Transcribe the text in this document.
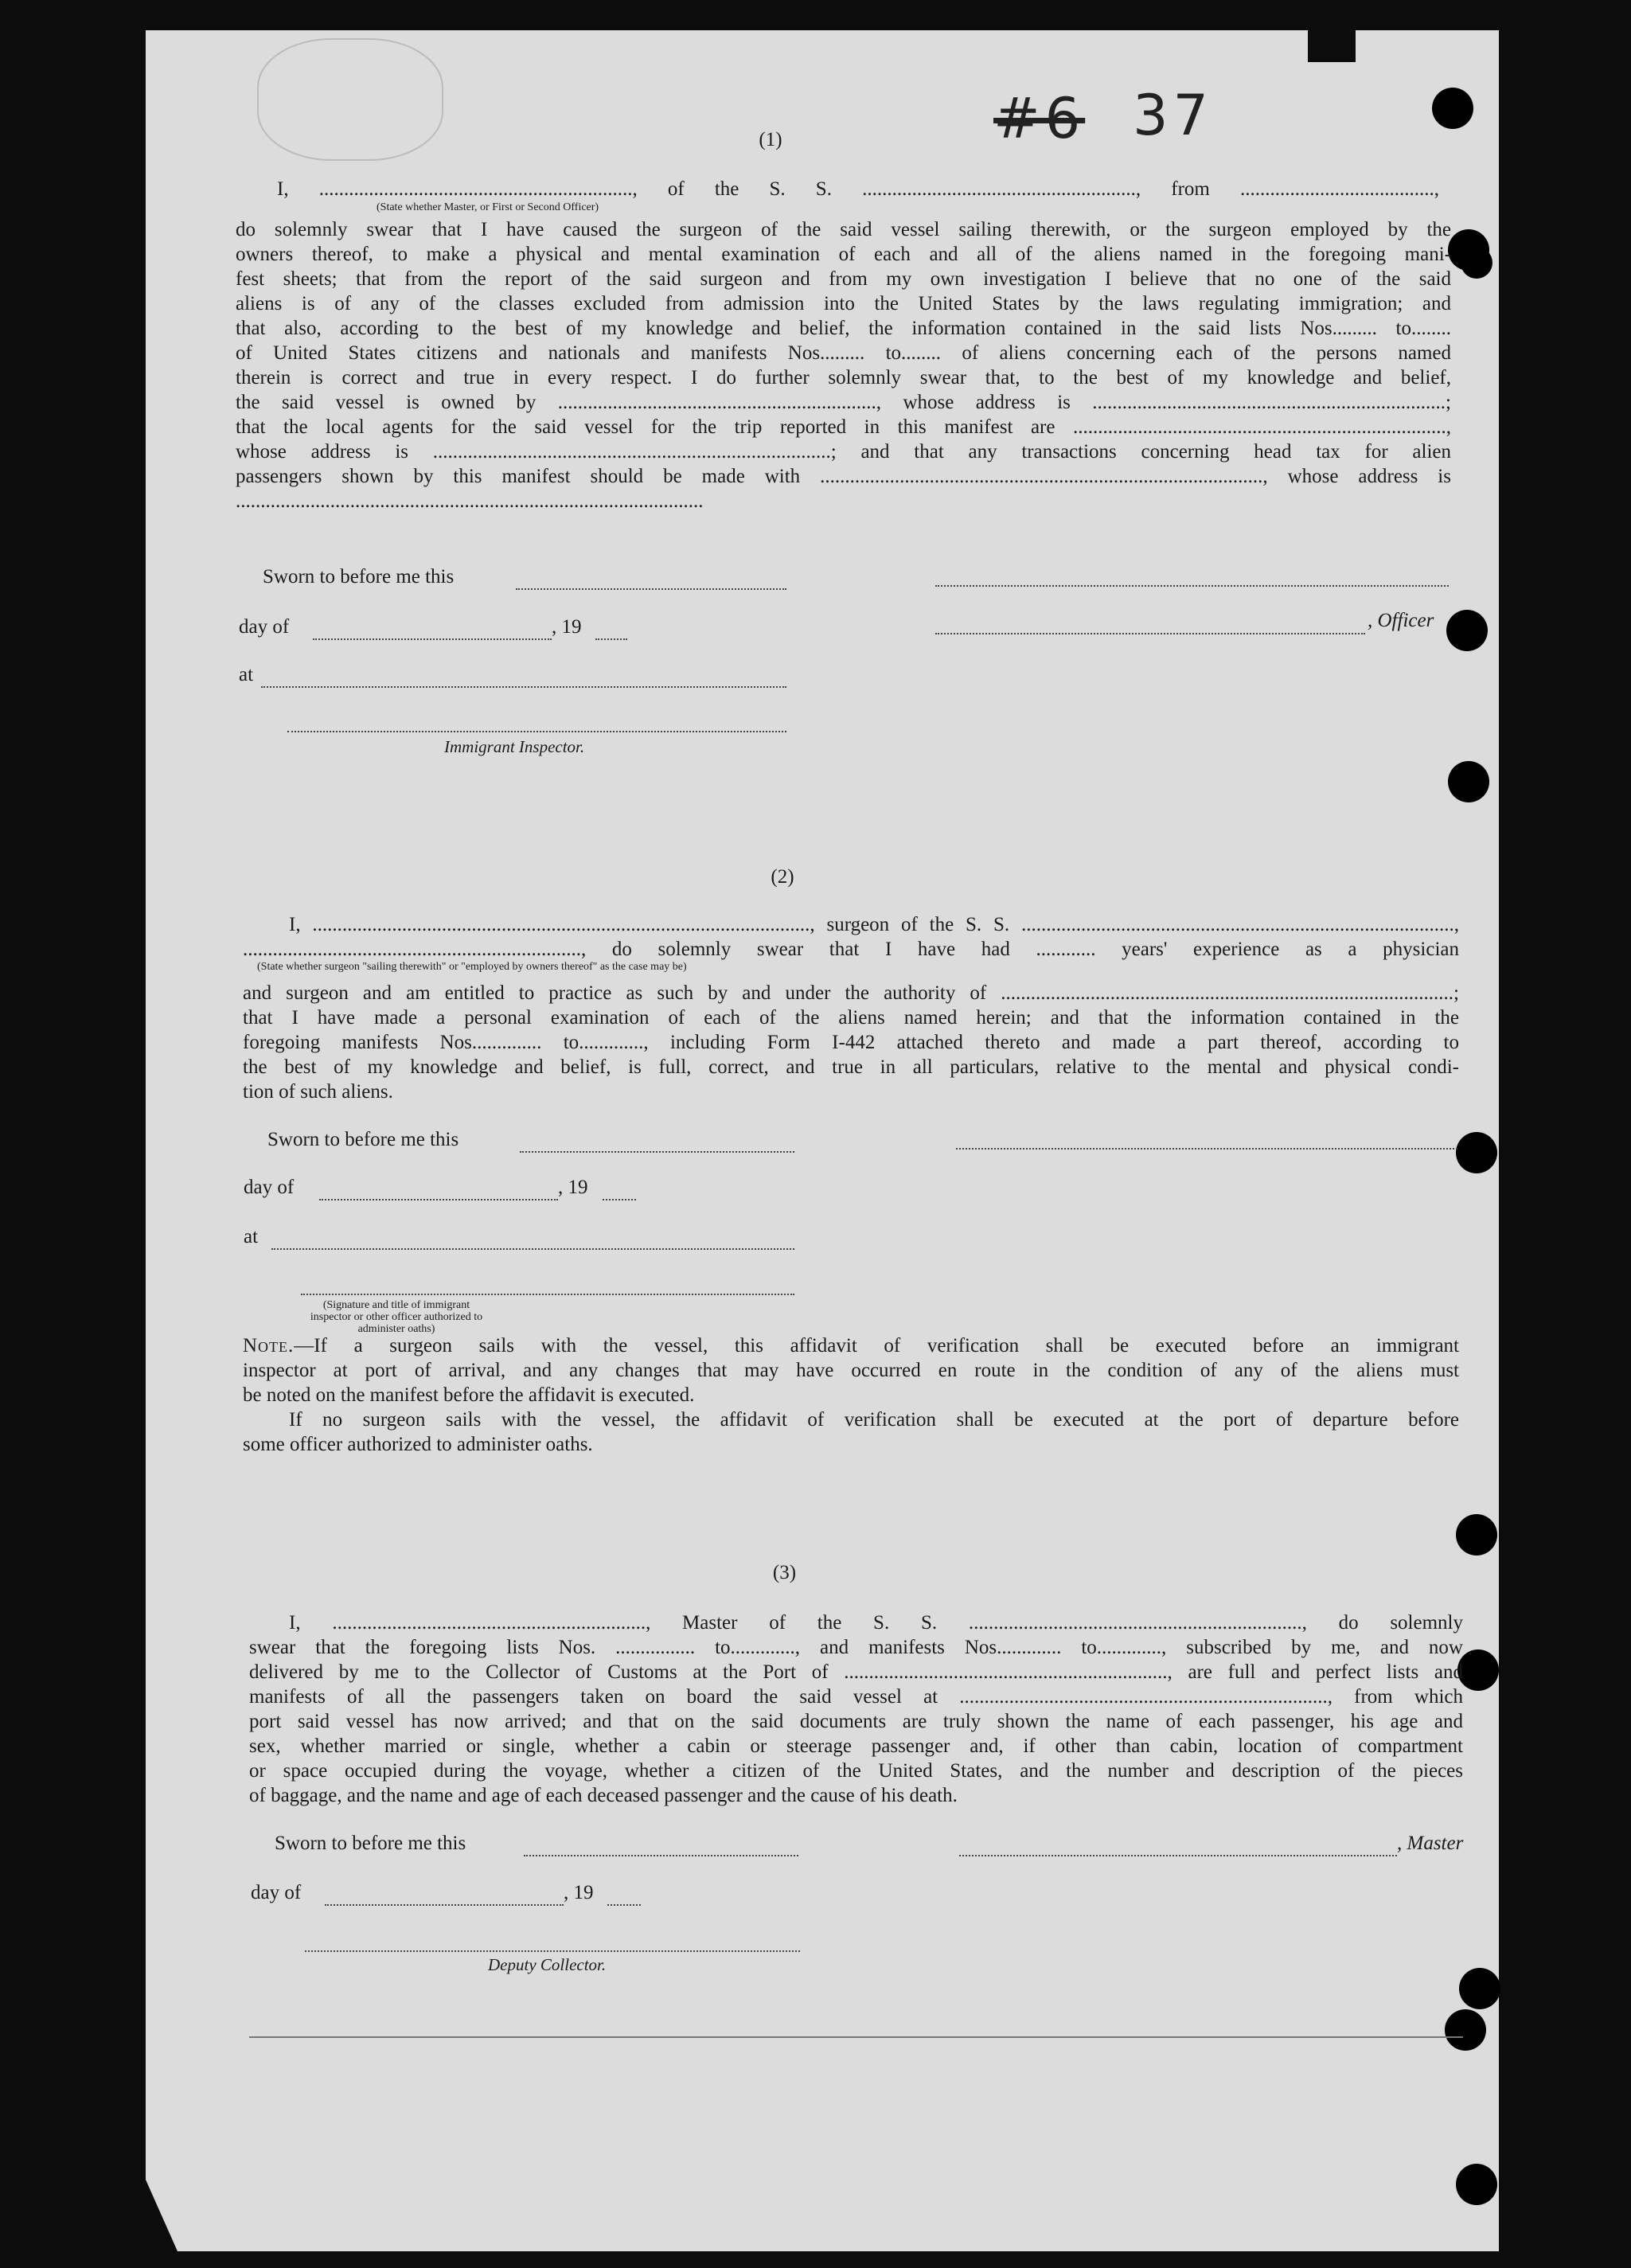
#6 37
(1)
I, ..............................................................., of the S. S. ......................................................., from .......................................,
(State whether Master, or First or Second Officer)
do solemnly swear that I have caused the surgeon of the said vessel sailing therewith, or the surgeon employed by the
owners thereof, to make a physical and mental examination of each and all of the aliens named in the foregoing mani-
fest sheets; that from the report of the said surgeon and from my own investigation I believe that no one of the said
aliens is of any of the classes excluded from admission into the United States by the laws regulating immigration; and
that also, according to the best of my knowledge and belief, the information contained in the said lists Nos......... to........
of United States citizens and nationals and manifests Nos......... to........ of aliens concerning each of the persons named
therein is correct and true in every respect. I do further solemnly swear that, to the best of my knowledge and belief,
the said vessel is owned by ................................................................, whose address is .......................................................................;
that the local agents for the said vessel for the trip reported in this manifest are ...........................................................................,
whose address is ................................................................................; and that any transactions concerning head tax for alien
passengers shown by this manifest should be made with ........................................................................................., whose address is
..............................................................................................
Sworn to before me this
day of	, 19	, Officer
at
Immigrant Inspector.
(2)
I, ...................................................................................................., surgeon of the S. S. .......................................................................................,
...................................................................., do solemnly swear that I have had ............ years' experience as a physician
(State whether surgeon "sailing therewith" or "employed by owners thereof" as the case may be)
and surgeon and am entitled to practice as such by and under the authority of ...........................................................................................;
that I have made a personal examination of each of the aliens named herein; and that the information contained in the
foregoing manifests Nos.............. to............., including Form I-442 attached thereto and made a part thereof, according to
the best of my knowledge and belief, is full, correct, and true in all particulars, relative to the mental and physical condi-
tion of such aliens.
Sworn to before me this
day of	, 19
at
(Signature and title of immigrant inspector or other officer authorized to administer oaths)
Note.—If a surgeon sails with the vessel, this affidavit of verification shall be executed before an immigrant
inspector at port of arrival, and any changes that may have occurred en route in the condition of any of the aliens must
be noted on the manifest before the affidavit is executed.
If no surgeon sails with the vessel, the affidavit of verification shall be executed at the port of departure before
some officer authorized to administer oaths.
(3)
I, ..............................................................., Master of the S. S. ..................................................................., do solemnly
swear that the foregoing lists Nos. ................ to............., and manifests Nos............. to............., subscribed by me, and now
delivered by me to the Collector of Customs at the Port of ................................................................., are full and perfect lists and
manifests of all the passengers taken on board the said vessel at .........................................................................., from which
port said vessel has now arrived; and that on the said documents are truly shown the name of each passenger, his age and
sex, whether married or single, whether a cabin or steerage passenger and, if other than cabin, location of compartment
or space occupied during the voyage, whether a citizen of the United States, and the number and description of the pieces
of baggage, and the name and age of each deceased passenger and the cause of his death.
Sworn to before me this	, Master
day of	, 19
Deputy Collector.
